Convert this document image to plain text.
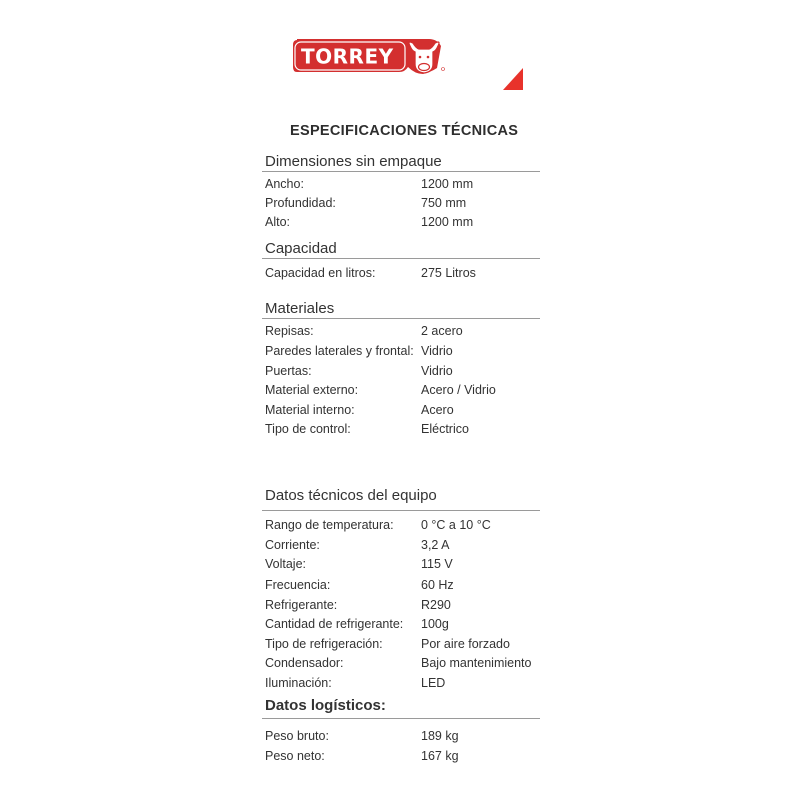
TORREY
ESPECIFICACIONES TÉCNICAS
Dimensiones sin empaque
Ancho:	1200 mm
Profundidad:	750 mm
Alto:	1200 mm
Capacidad
Capacidad en litros:	275 Litros
Materiales
Repisas:	2 acero
Paredes laterales y frontal: Vidrio
Puertas:	Vidrio
Material externo:	Acero / Vidrio
Material interno:	Acero
Tipo de control:	Eléctrico
Datos técnicos del equipo
Rango de temperatura: 0 °C a 10 °C
Corriente:	3,2 A
Voltaje:	115 V
Frecuencia:	60 Hz
Refrigerante:	R290
Cantidad de refrigerante: 100g
Tipo de refrigeración:	Por aire forzado
Condensador:	Bajo mantenimiento
Iluminación:	LED
Datos logísticos:
Peso bruto:	189 kg
Peso neto:	167 kg
